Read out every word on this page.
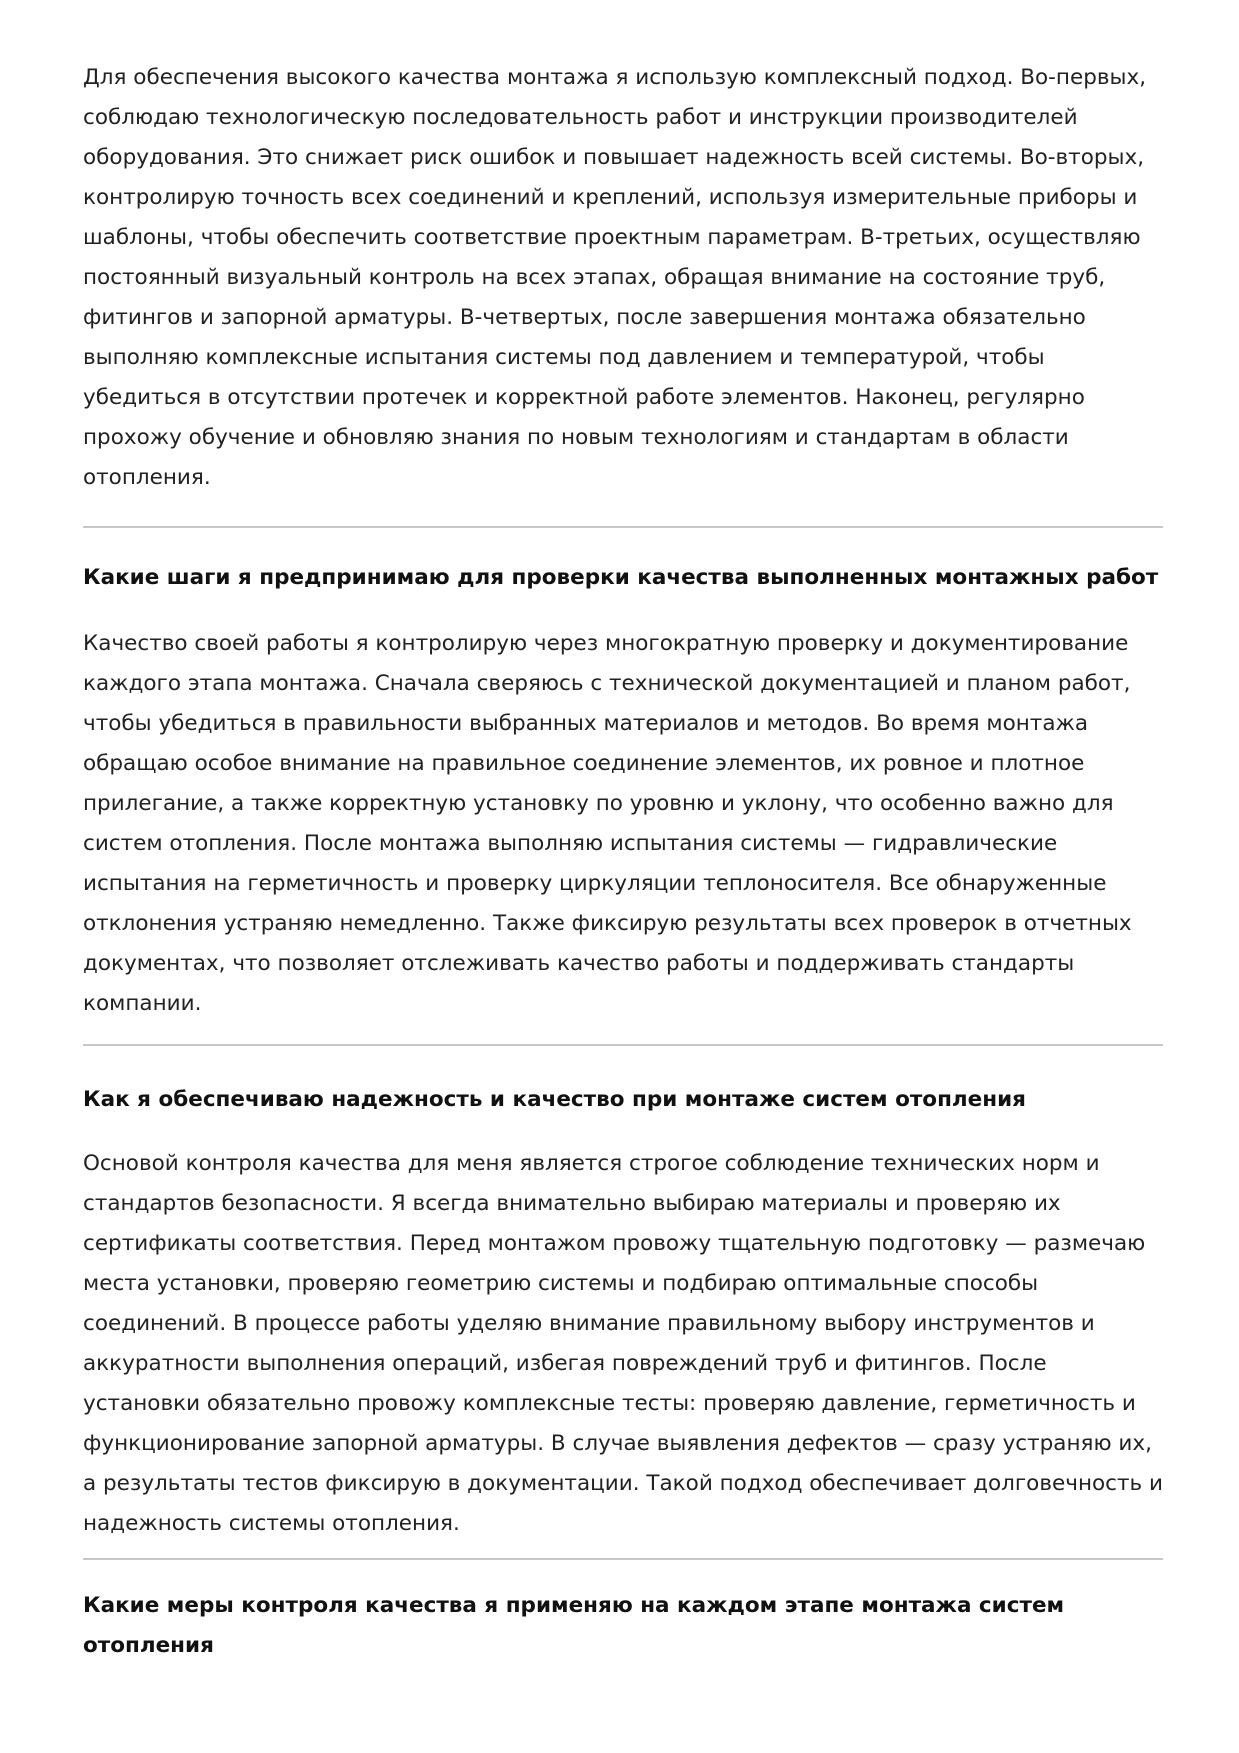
Для обеспечения высокого качества монтажа я использую комплексный подход. Во-первых, соблюдаю технологическую последовательность работ и инструкции производителей оборудования. Это снижает риск ошибок и повышает надежность всей системы. Во-вторых, контролирую точность всех соединений и креплений, используя измерительные приборы и шаблоны, чтобы обеспечить соответствие проектным параметрам. В-третьих, осуществляю постоянный визуальный контроль на всех этапах, обращая внимание на состояние труб, фитингов и запорной арматуры. В-четвертых, после завершения монтажа обязательно выполняю комплексные испытания системы под давлением и температурой, чтобы убедиться в отсутствии протечек и корректной работе элементов. Наконец, регулярно прохожу обучение и обновляю знания по новым технологиям и стандартам в области отопления.

Какие шаги я предпринимаю для проверки качества выполненных монтажных работ

Качество своей работы я контролирую через многократную проверку и документирование каждого этапа монтажа. Сначала сверяюсь с технической документацией и планом работ, чтобы убедиться в правильности выбранных материалов и методов. Во время монтажа обращаю особое внимание на правильное соединение элементов, их ровное и плотное прилегание, а также корректную установку по уровню и уклону, что особенно важно для систем отопления. После монтажа выполняю испытания системы — гидравлические испытания на герметичность и проверку циркуляции теплоносителя. Все обнаруженные отклонения устраняю немедленно. Также фиксирую результаты всех проверок в отчетных документах, что позволяет отслеживать качество работы и поддерживать стандарты компании.

Как я обеспечиваю надежность и качество при монтаже систем отопления

Основой контроля качества для меня является строгое соблюдение технических норм и стандартов безопасности. Я всегда внимательно выбираю материалы и проверяю их сертификаты соответствия. Перед монтажом провожу тщательную подготовку — размечаю места установки, проверяю геометрию системы и подбираю оптимальные способы соединений. В процессе работы уделяю внимание правильному выбору инструментов и аккуратности выполнения операций, избегая повреждений труб и фитингов. После установки обязательно провожу комплексные тесты: проверяю давление, герметичность и функционирование запорной арматуры. В случае выявления дефектов — сразу устраняю их, а результаты тестов фиксирую в документации. Такой подход обеспечивает долговечность и надежность системы отопления.

Какие меры контроля качества я применяю на каждом этапе монтажа систем отопления
